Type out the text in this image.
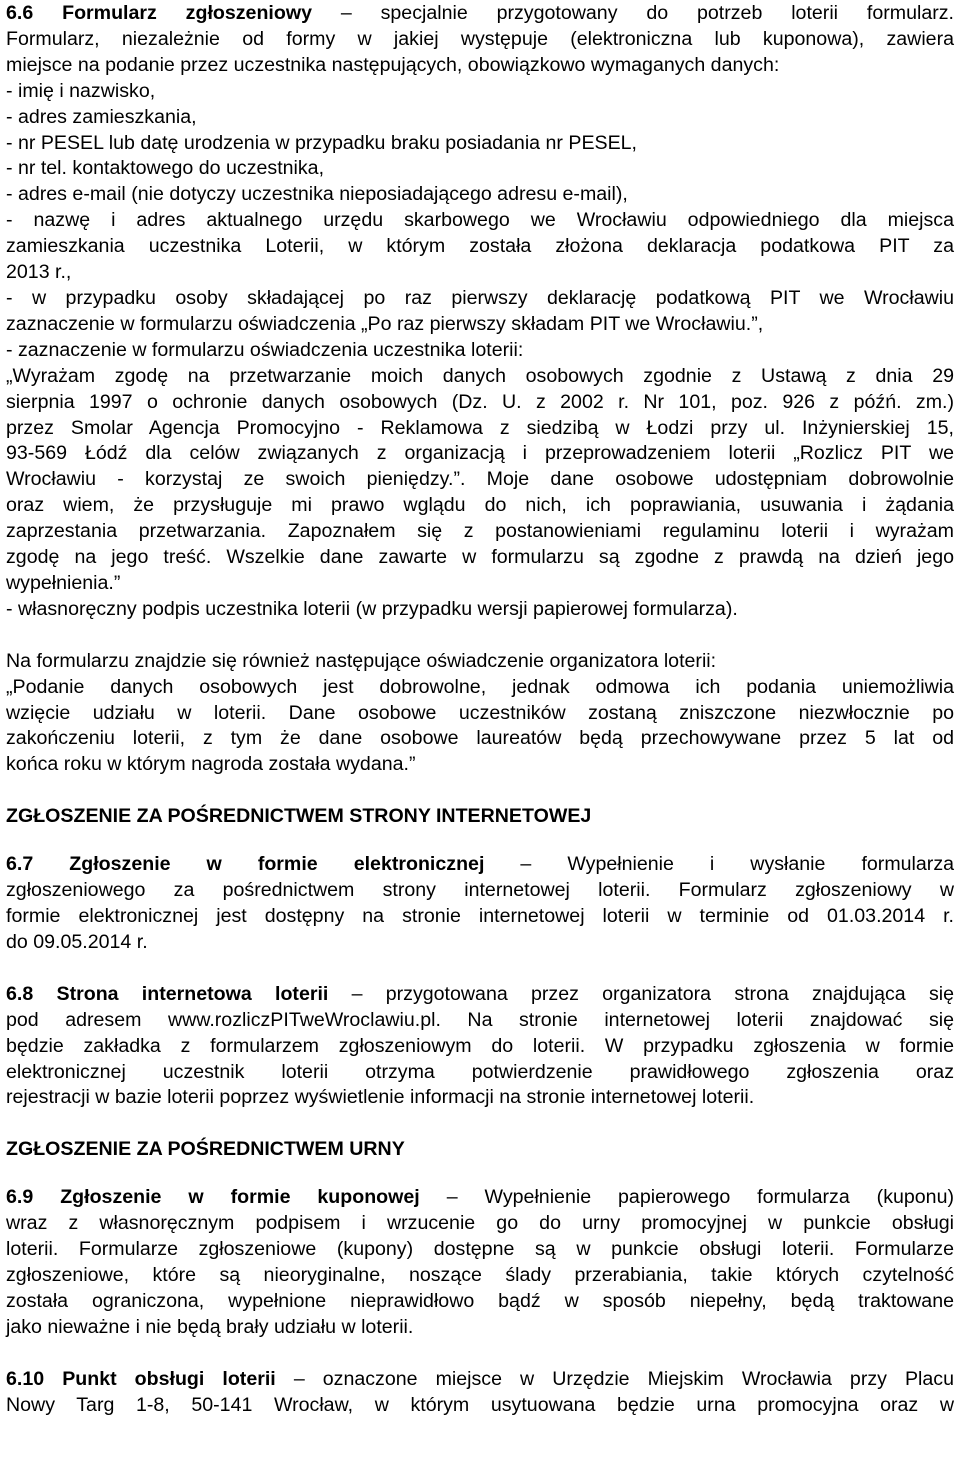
6.6 Formularz zgłoszeniowy – specjalnie przygotowany do potrzeb loterii formularz.
Formularz, niezależnie od formy w jakiej występuje (elektroniczna lub kuponowa), zawiera
miejsce na podanie przez uczestnika następujących, obowiązkowo wymaganych danych:
- imię i nazwisko,
- adres zamieszkania,
- nr PESEL lub datę urodzenia w przypadku braku posiadania nr PESEL,
- nr tel. kontaktowego do uczestnika,
- adres e-mail (nie dotyczy uczestnika nieposiadającego adresu e-mail),
- nazwę i adres aktualnego urzędu skarbowego we Wrocławiu odpowiedniego dla miejsca
zamieszkania uczestnika Loterii, w którym została złożona deklaracja podatkowa PIT za
2013 r.,
- w przypadku osoby składającej po raz pierwszy deklarację podatkową PIT we Wrocławiu
zaznaczenie w formularzu oświadczenia „Po raz pierwszy składam PIT we Wrocławiu.”,
- zaznaczenie w formularzu oświadczenia uczestnika loterii:
„Wyrażam zgodę na przetwarzanie moich danych osobowych zgodnie z Ustawą z dnia 29
sierpnia 1997 o ochronie danych osobowych (Dz. U. z 2002 r. Nr 101, poz. 926 z późń. zm.)
przez Smolar Agencja Promocyjno - Reklamowa z siedzibą w Łodzi przy ul. Inżynierskiej 15,
93-569 Łódź dla celów związanych z organizacją i przeprowadzeniem loterii „Rozlicz PIT we
Wrocławiu - korzystaj ze swoich pieniędzy.”. Moje dane osobowe udostępniam dobrowolnie
oraz wiem, że przysługuje mi prawo wglądu do nich, ich poprawiania, usuwania i żądania
zaprzestania przetwarzania. Zapoznałem się z postanowieniami regulaminu loterii i wyrażam
zgodę na jego treść. Wszelkie dane zawarte w formularzu są zgodne z prawdą na dzień jego
wypełnienia.”
- własnoręczny podpis uczestnika loterii (w przypadku wersji papierowej formularza).
Na formularzu znajdzie się również następujące oświadczenie organizatora loterii:
„Podanie danych osobowych jest dobrowolne, jednak odmowa ich podania uniemożliwia
wzięcie udziału w loterii. Dane osobowe uczestników zostaną zniszczone niezwłocznie po
zakończeniu loterii, z tym że dane osobowe laureatów będą przechowywane przez 5 lat od
końca roku w którym nagroda została wydana.”
ZGŁOSZENIE ZA POŚREDNICTWEM STRONY INTERNETOWEJ
6.7 Zgłoszenie w formie elektronicznej – Wypełnienie i wysłanie formularza
zgłoszeniowego za pośrednictwem strony internetowej loterii. Formularz zgłoszeniowy w
formie elektronicznej jest dostępny na stronie internetowej loterii w terminie od 01.03.2014 r.
do 09.05.2014 r.
6.8 Strona internetowa loterii – przygotowana przez organizatora strona znajdująca się
pod adresem www.rozliczPITweWroclawiu.pl. Na stronie internetowej loterii znajdować się
będzie zakładka z formularzem zgłoszeniowym do loterii. W przypadku zgłoszenia w formie
elektronicznej uczestnik loterii otrzyma potwierdzenie prawidłowego zgłoszenia oraz
rejestracji w bazie loterii poprzez wyświetlenie informacji na stronie internetowej loterii.
ZGŁOSZENIE ZA POŚREDNICTWEM URNY
6.9 Zgłoszenie w formie kuponowej – Wypełnienie papierowego formularza (kuponu)
wraz z własnoręcznym podpisem i wrzucenie go do urny promocyjnej w punkcie obsługi
loterii. Formularze zgłoszeniowe (kupony) dostępne są w punkcie obsługi loterii. Formularze
zgłoszeniowe, które są nieoryginalne, noszące ślady przerabiania, takie których czytelność
została ograniczona, wypełnione nieprawidłowo bądź w sposób niepełny, będą traktowane
jako nieważne i nie będą brały udziału w loterii.
6.10 Punkt obsługi loterii – oznaczone miejsce w Urzędzie Miejskim Wrocławia przy Placu
Nowy Targ 1-8, 50-141 Wrocław, w którym usytuowana będzie urna promocyjna oraz w
